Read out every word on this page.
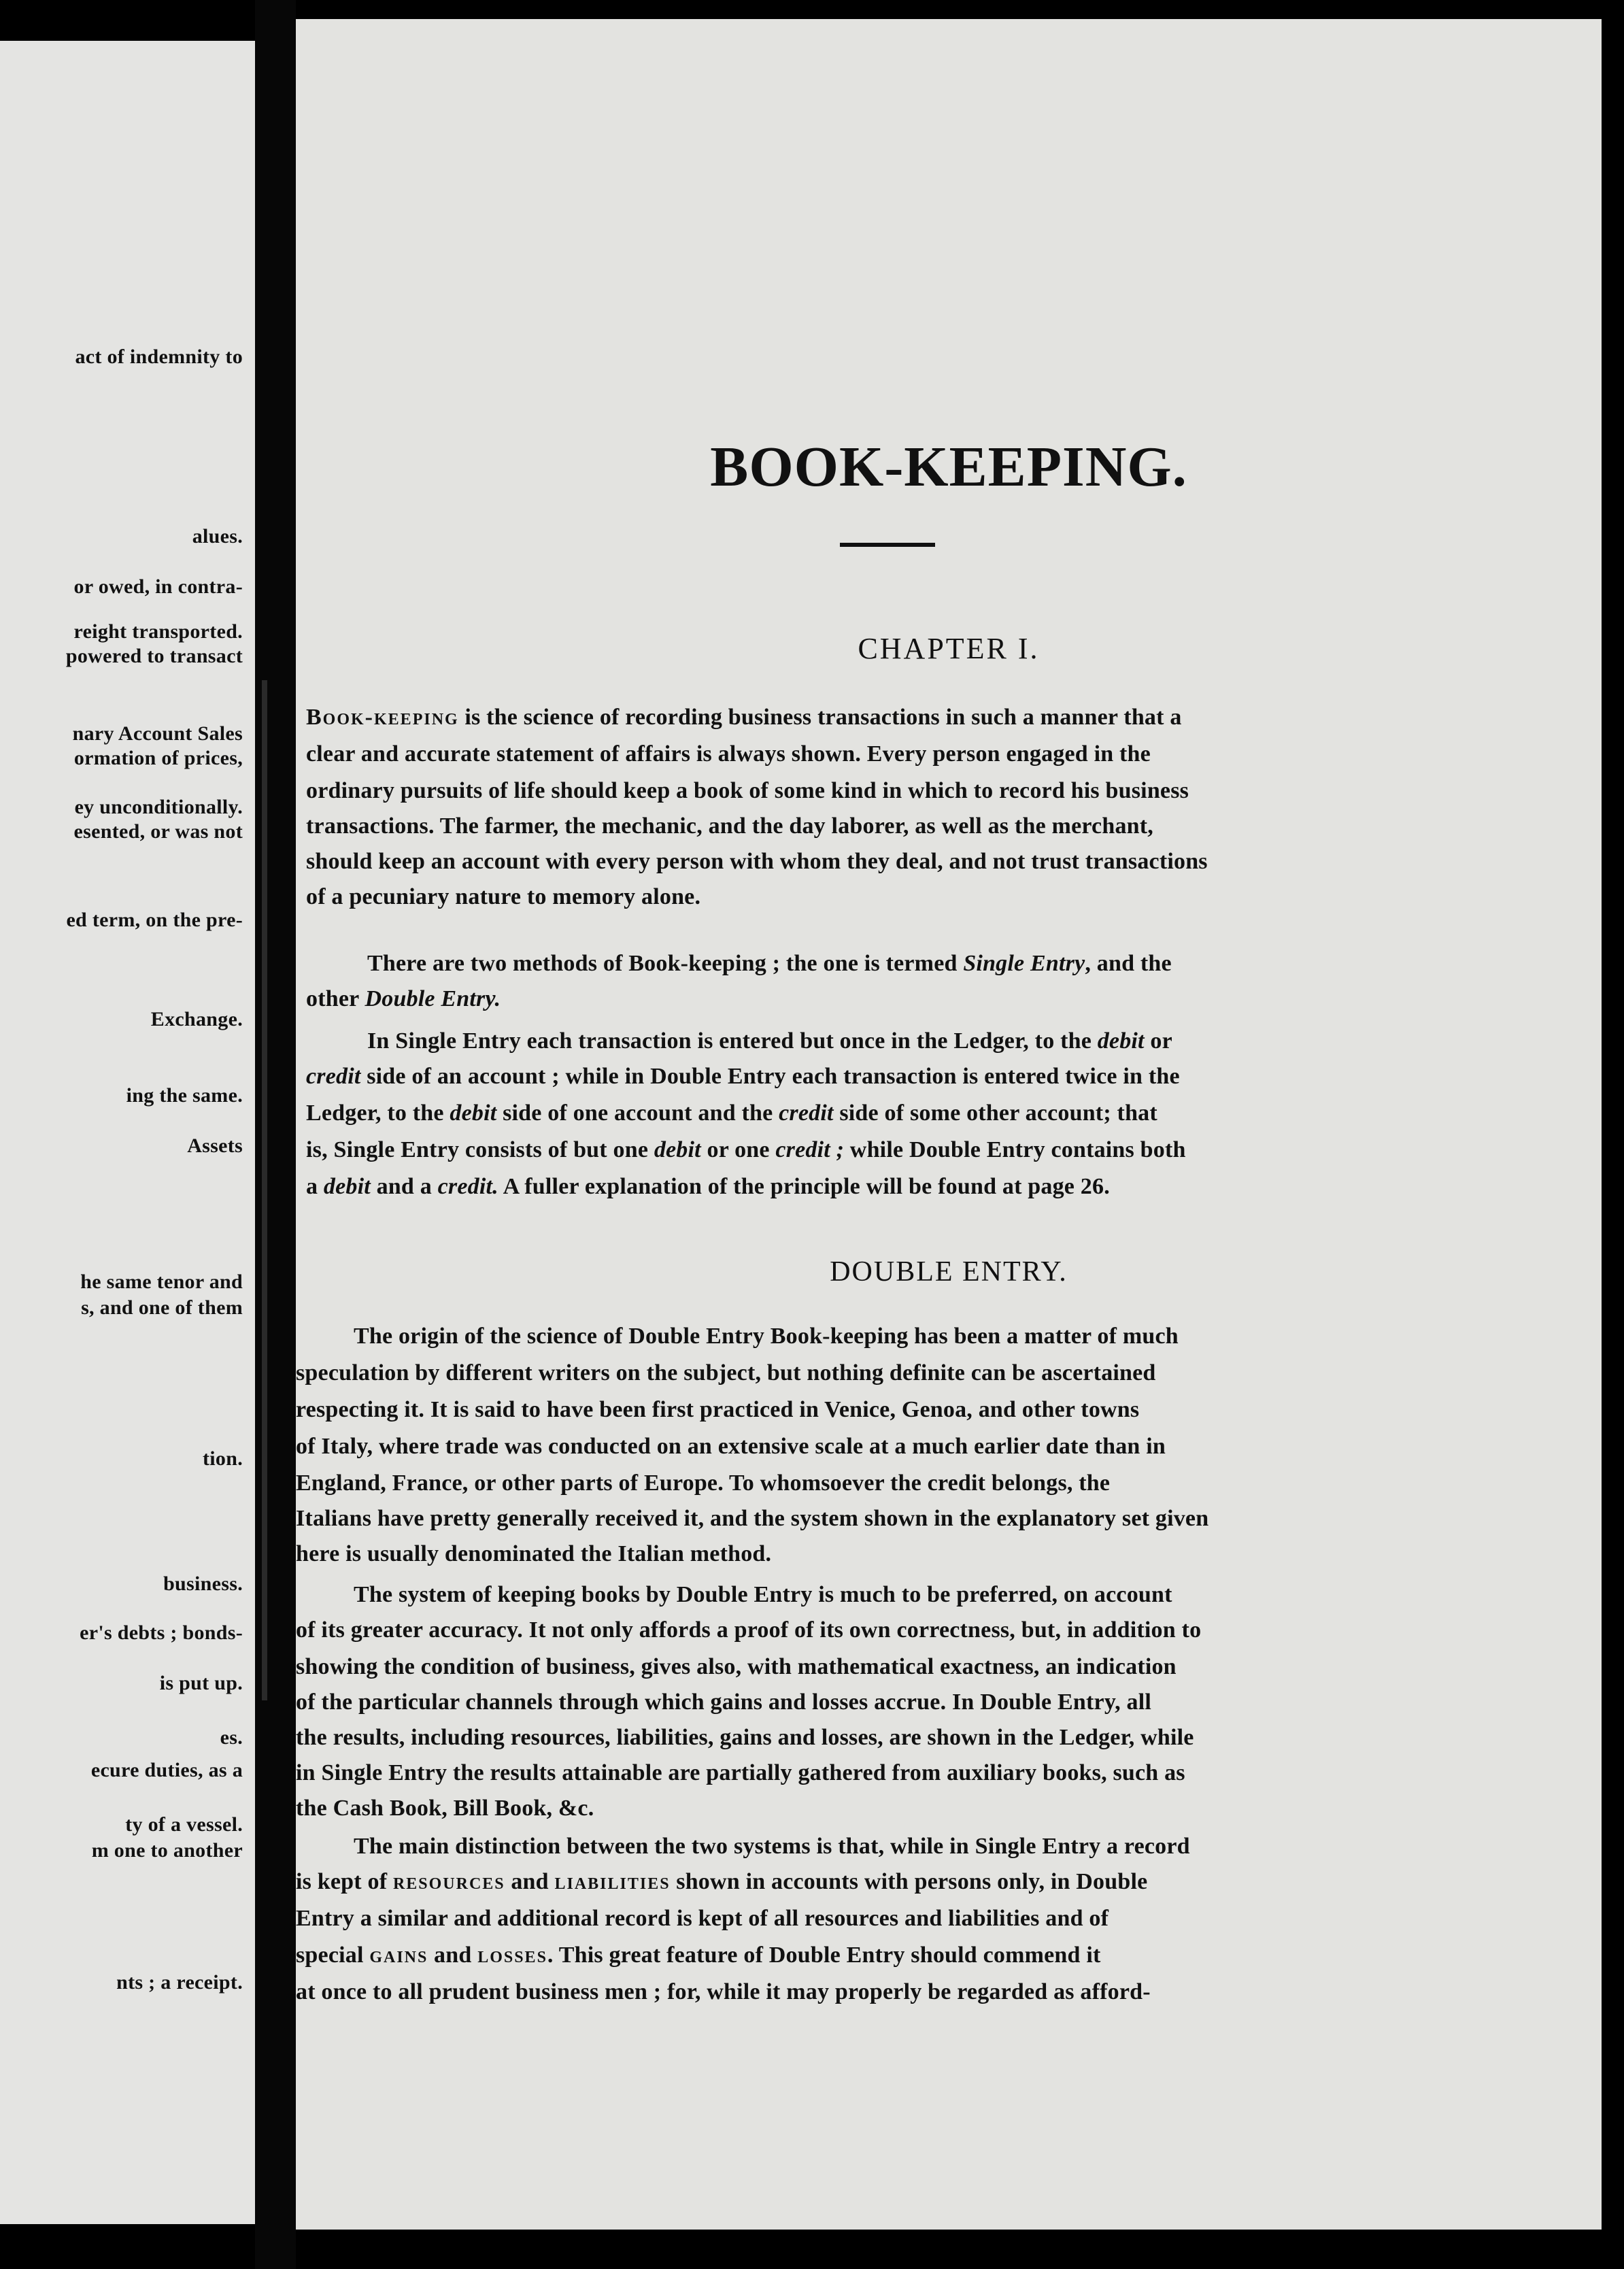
act of indemnity to
alues.
or owed, in contra-
reight transported.
powered to transact
nary Account Sales
ormation of prices,
ey unconditionally.
esented, or was not
ed term, on the pre-
Exchange.
ing the same.
Assets
he same tenor and
s, and one of them
tion.
business.
er's debts ; bonds-
is put up.
es.
ecure duties, as a
ty of a vessel.
m one to another
nts ; a receipt.
BOOK-KEEPING.
CHAPTER I.
DOUBLE ENTRY.
Book-keeping is the science of recording business transactions in such a manner that a
clear and accurate statement of affairs is always shown. Every person engaged in the
ordinary pursuits of life should keep a book of some kind in which to record his business
transactions. The farmer, the mechanic, and the day laborer, as well as the merchant,
should keep an account with every person with whom they deal, and not trust transactions
of a pecuniary nature to memory alone.
There are two methods of Book-keeping ; the one is termed Single Entry, and the
other Double Entry.
In Single Entry each transaction is entered but once in the Ledger, to the debit or
credit side of an account ; while in Double Entry each transaction is entered twice in the
Ledger, to the debit side of one account and the credit side of some other account; that
is, Single Entry consists of but one debit or one credit ; while Double Entry contains both
a debit and a credit. A fuller explanation of the principle will be found at page 26.
The origin of the science of Double Entry Book-keeping has been a matter of much
speculation by different writers on the subject, but nothing definite can be ascertained
respecting it. It is said to have been first practiced in Venice, Genoa, and other towns
of Italy, where trade was conducted on an extensive scale at a much earlier date than in
England, France, or other parts of Europe. To whomsoever the credit belongs, the
Italians have pretty generally received it, and the system shown in the explanatory set given
here is usually denominated the Italian method.
The system of keeping books by Double Entry is much to be preferred, on account
of its greater accuracy. It not only affords a proof of its own correctness, but, in addition to
showing the condition of business, gives also, with mathematical exactness, an indication
of the particular channels through which gains and losses accrue. In Double Entry, all
the results, including resources, liabilities, gains and losses, are shown in the Ledger, while
in Single Entry the results attainable are partially gathered from auxiliary books, such as
the Cash Book, Bill Book, &c.
The main distinction between the two systems is that, while in Single Entry a record
is kept of resources and liabilities shown in accounts with persons only, in Double
Entry a similar and additional record is kept of all resources and liabilities and of
special gains and losses. This great feature of Double Entry should commend it
at once to all prudent business men ; for, while it may properly be regarded as afford-
